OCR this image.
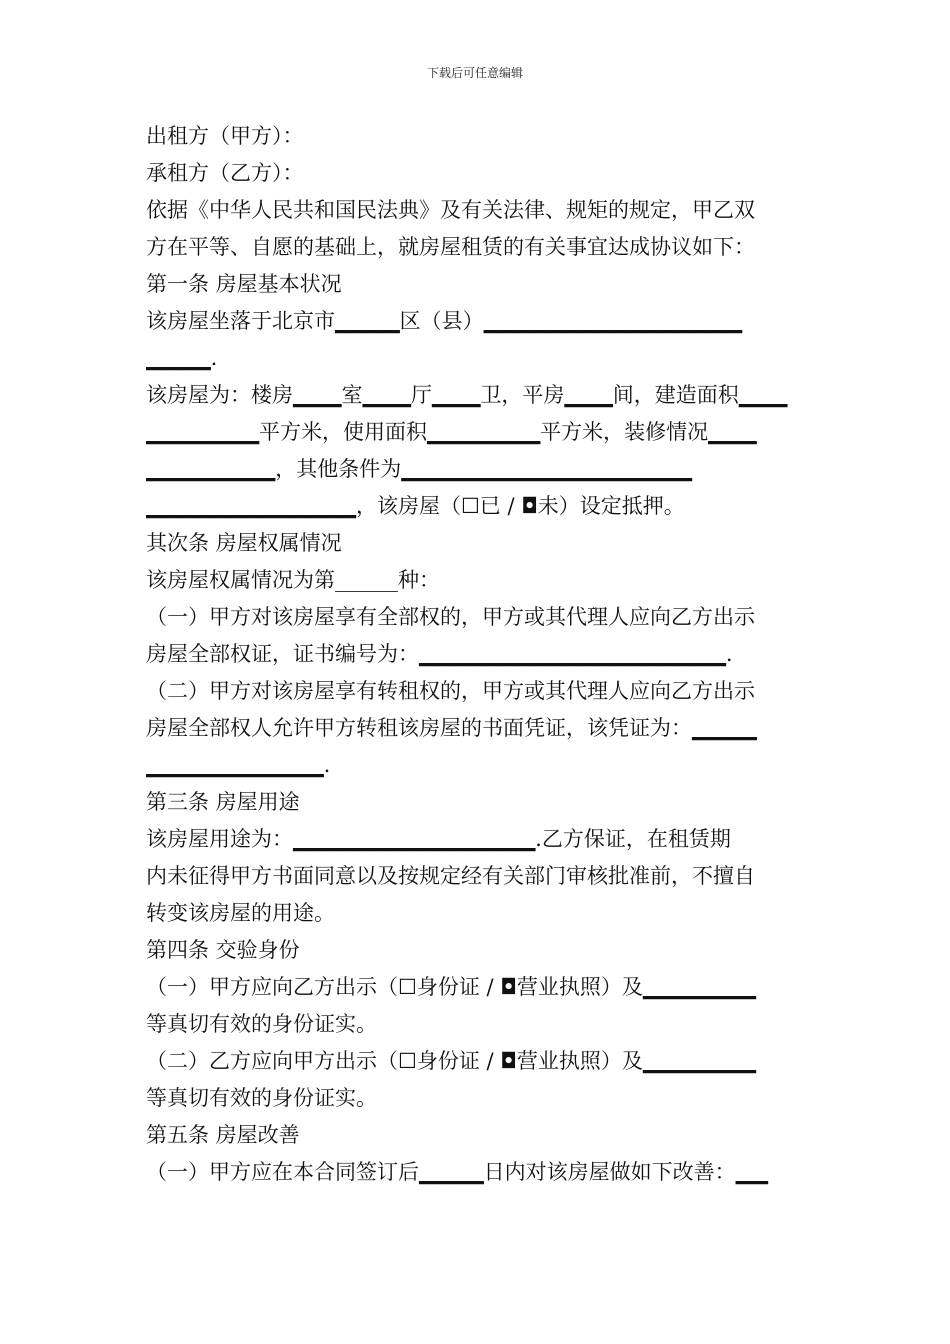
下载后可任意编辑
出租方（甲方）：
承租方（乙方）：
依据《中华人民共和国民法典》及有关法律、规矩的规定，甲乙双
方在平等、自愿的基础上，就房屋租赁的有关事宜达成协议如下：
第一条 房屋基本状况
该房屋坐落于北京市▁▁▁▁区（县）▁▁▁▁▁▁▁▁▁▁▁▁▁▁▁▁
▁▁▁▁.
该房屋为：楼房▁▁▁室▁▁▁厅▁▁▁卫，平房▁▁▁间，建造面积▁▁▁
▁▁▁▁▁▁▁平方米，使用面积▁▁▁▁▁▁▁平方米，装修情况▁▁▁
▁▁▁▁▁▁▁▁，其他条件为▁▁▁▁▁▁▁▁▁▁▁▁▁▁▁▁▁▁
▁▁▁▁▁▁▁▁▁▁▁▁▁，该房屋（☐已 / ◘未）设定抵押。
其次条 房屋权属情况
该房屋权属情况为第______种：
（一）甲方对该房屋享有全部权的，甲方或其代理人应向乙方出示
房屋全部权证，证书编号为：▁▁▁▁▁▁▁▁▁▁▁▁▁▁▁▁▁▁▁.
（二）甲方对该房屋享有转租权的，甲方或其代理人应向乙方出示
房屋全部权人允许甲方转租该房屋的书面凭证，该凭证为：▁▁▁▁
▁▁▁▁▁▁▁▁▁▁▁.
第三条 房屋用途
该房屋用途为：▁▁▁▁▁▁▁▁▁▁▁▁▁▁▁.乙方保证，在租赁期
内未征得甲方书面同意以及按规定经有关部门审核批准前，不擅自
转变该房屋的用途。
第四条 交验身份
（一）甲方应向乙方出示（☐身份证 / ◘营业执照）及▁▁▁▁▁▁▁
等真切有效的身份证实。
（二）乙方应向甲方出示（☐身份证 / ◘营业执照）及▁▁▁▁▁▁▁
等真切有效的身份证实。
第五条 房屋改善
（一）甲方应在本合同签订后▁▁▁▁日内对该房屋做如下改善：▁▁
